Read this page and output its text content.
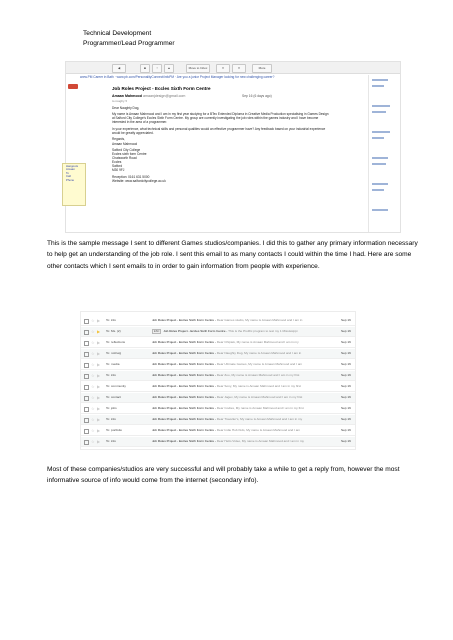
Technical Development
Programmer/Lead Programmer
◀	■	!	▲	Move to Inbox	▾	▾	More
www.PM Career in Bath · www.pb.com/PersonalityConnect/infoPM · Are you a junior Project Manager looking for new challenging career?
Job Roles Project - Eccles Sixth Form Centre
Amaan Mahmood amaanjdesign@gmail.com	Sep 16 (6 days ago)
to roughy ▾

Dear Naughty Dog,

My name is Amaan Mahmood and I am in my first year studying for a BTec Extended Diploma in Creative Media Production specialising in Games Design at Salford City College's Eccles Sixth Form Centre. My group are currently investigating the job roles within the games industry and I have become interested in the area of a programmer.

In your experience, what technical skills and personal qualities would an effective programmer have? Any feedback based on your industrial experience would be greatly appreciated.

Regards,

Amaan Mahmood

Salford City College
Eccles sixth form Centre
Chatsworth Road
Eccles
Salford
M30 9FJ

Reception: 0161 631 5000
Website: www.salfordcitycollege.ac.uk

Hangouts
Amaan
To
Call
Phone
This is the sample message I sent to different Games studios/companies. I did this to gather any primary information necessary to help get an understanding of the job role. I sent this email to as many contacts I could within the time I had. Here are some other contacts which I sent emails to in order to gain information from people with experience.
☆ ▶ To: info	Job Roles Project - Eccles Sixth Form Centre - Dear Games studio, My name is Amaan Mahmood and I am in	Sep 16
☆ ▶ To: Ms. (2)	ESC Job Roles Project - Eccles Sixth Form Centre - This is the Prolific program to test my 1 Mississippi	Sep 16
☆ ▶ To: reflections	Job Roles Project - Eccles Sixth Form Centre - Dear Chiptek, My name is Amaan Mahmood and I am in my	Sep 16
☆ ▶ To: nd-hwg	Job Roles Project - Eccles Sixth Form Centre - Dear Naughty Dog, My name is Amaan Mahmood and I am in	Sep 16
☆ ▶ To: media	Job Roles Project - Eccles Sixth Form Centre - Dear Ultimate Games, My name is Amaan Mahmood and I am	Sep 16
☆ ▶ To: info	Job Roles Project - Eccles Sixth Form Centre - Dear Zoo, My name is Amaan Mahmood and I am in my first	Sep 16
☆ ▶ To: community	Job Roles Project - Eccles Sixth Form Centre - Dear Sony, My name is Amaan Mahmood and I am in my first	Sep 16
☆ ▶ To: contact	Job Roles Project - Eccles Sixth Form Centre - Dear Jagex, My name is Amaan Mahmood and I am in my first	Sep 16
☆ ▶ To: jobs	Job Roles Project - Eccles Sixth Form Centre - Dear Codies, My name is Amaan Mahmood and I am in my first	Sep 16
☆ ▶ To: info	Job Roles Project - Eccles Sixth Form Centre - Dear Traveller's, My name is Amaan Mahmood and I am in my	Sep 16
☆ ▶ To: portfolio	Job Roles Project - Eccles Sixth Form Centre - Dear Indie Hub Kids, My name is Amaan Mahmood and I am	Sep 16
☆ ▶ To: info	Job Roles Project - Eccles Sixth Form Centre - Dear Hello Video, My name is Amaan Mahmood and I am in my	Sep 16
Most of these companies/studios are very successful and will probably take a while to get a reply from, however the most informative source of info would come from the internet (secondary info).
